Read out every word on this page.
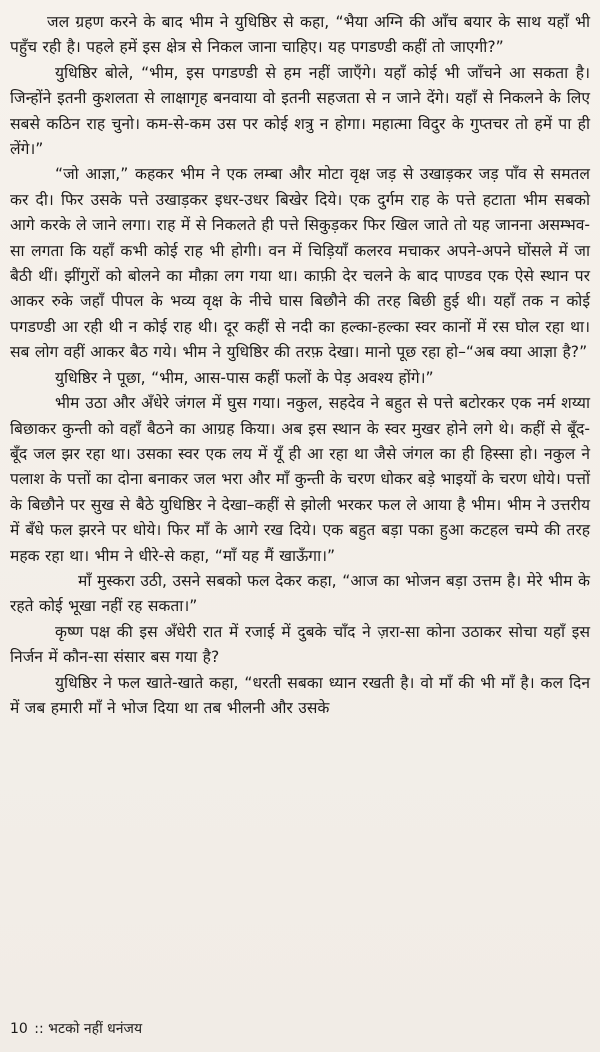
जल ग्रहण करने के बाद भीम ने युधिष्ठिर से कहा, “भैया अग्नि की आँच बयार के साथ यहाँ भी पहुँच रही है। पहले हमें इस क्षेत्र से निकल जाना चाहिए। यह पगडण्डी कहीं तो जाएगी?”

युधिष्ठिर बोले, “भीम, इस पगडण्डी से हम नहीं जाएँगे। यहाँ कोई भी जाँचने आ सकता है। जिन्होंने इतनी कुशलता से लाक्षागृह बनवाया वो इतनी सहजता से न जाने देंगे। यहाँ से निकलने के लिए सबसे कठिन राह चुनो। कम-से-कम उस पर कोई शत्रु न होगा। महात्मा विदुर के गुप्तचर तो हमें पा ही लेंगे।”

“जो आज्ञा,” कहकर भीम ने एक लम्बा और मोटा वृक्ष जड़ से उखाड़कर जड़ पाँव से समतल कर दी। फिर उसके पत्ते उखाड़कर इधर-उधर बिखेर दिये। एक दुर्गम राह के पत्ते हटाता भीम सबको आगे करके ले जाने लगा। राह में से निकलते ही पत्ते सिकुड़कर फिर खिल जाते तो यह जानना असम्भव-सा लगता कि यहाँ कभी कोई राह भी होगी। वन में चिड़ियाँ कलरव मचाकर अपने-अपने घोंसले में जा बैठी थीं। झींगुरों को बोलने का मौक़ा लग गया था। काफ़ी देर चलने के बाद पाण्डव एक ऐसे स्थान पर आकर रुके जहाँ पीपल के भव्य वृक्ष के नीचे घास बिछौने की तरह बिछी हुई थी। यहाँ तक न कोई पगडण्डी आ रही थी न कोई राह थी। दूर कहीं से नदी का हल्का-हल्का स्वर कानों में रस घोल रहा था। सब लोग वहीं आकर बैठ गये। भीम ने युधिष्ठिर की तरफ़ देखा। मानो पूछ रहा हो–“अब क्या आज्ञा है?”

युधिष्ठिर ने पूछा, “भीम, आस-पास कहीं फलों के पेड़ अवश्य होंगे।”

भीम उठा और अँधेरे जंगल में घुस गया। नकुल, सहदेव ने बहुत से पत्ते बटोरकर एक नर्म शय्या बिछाकर कुन्ती को वहाँ बैठने का आग्रह किया। अब इस स्थान के स्वर मुखर होने लगे थे। कहीं से बूँद-बूँद जल झर रहा था। उसका स्वर एक लय में यूँ ही आ रहा था जैसे जंगल का ही हिस्सा हो। नकुल ने पलाश के पत्तों का दोना बनाकर जल भरा और माँ कुन्ती के चरण धोकर बड़े भाइयों के चरण धोये। पत्तों के बिछौने पर सुख से बैठे युधिष्ठिर ने देखा–कहीं से झोली भरकर फल ले आया है भीम। भीम ने उत्तरीय में बँधे फल झरने पर धोये। फिर माँ के आगे रख दिये। एक बहुत बड़ा पका हुआ कटहल चम्पे की तरह महक रहा था। भीम ने धीरे-से कहा, “माँ यह मैं खाऊँगा।”

माँ मुस्करा उठी, उसने सबको फल देकर कहा, “आज का भोजन बड़ा उत्तम है। मेरे भीम के रहते कोई भूखा नहीं रह सकता।”

कृष्ण पक्ष की इस अँधेरी रात में रजाई में दुबके चाँद ने ज़रा-सा कोना उठाकर सोचा यहाँ इस निर्जन में कौन-सा संसार बस गया है?

युधिष्ठिर ने फल खाते-खाते कहा, “धरती सबका ध्यान रखती है। वो माँ की भी माँ है। कल दिन में जब हमारी माँ ने भोज दिया था तब भीलनी और उसके

10 :: भटको नहीं धनंजय
